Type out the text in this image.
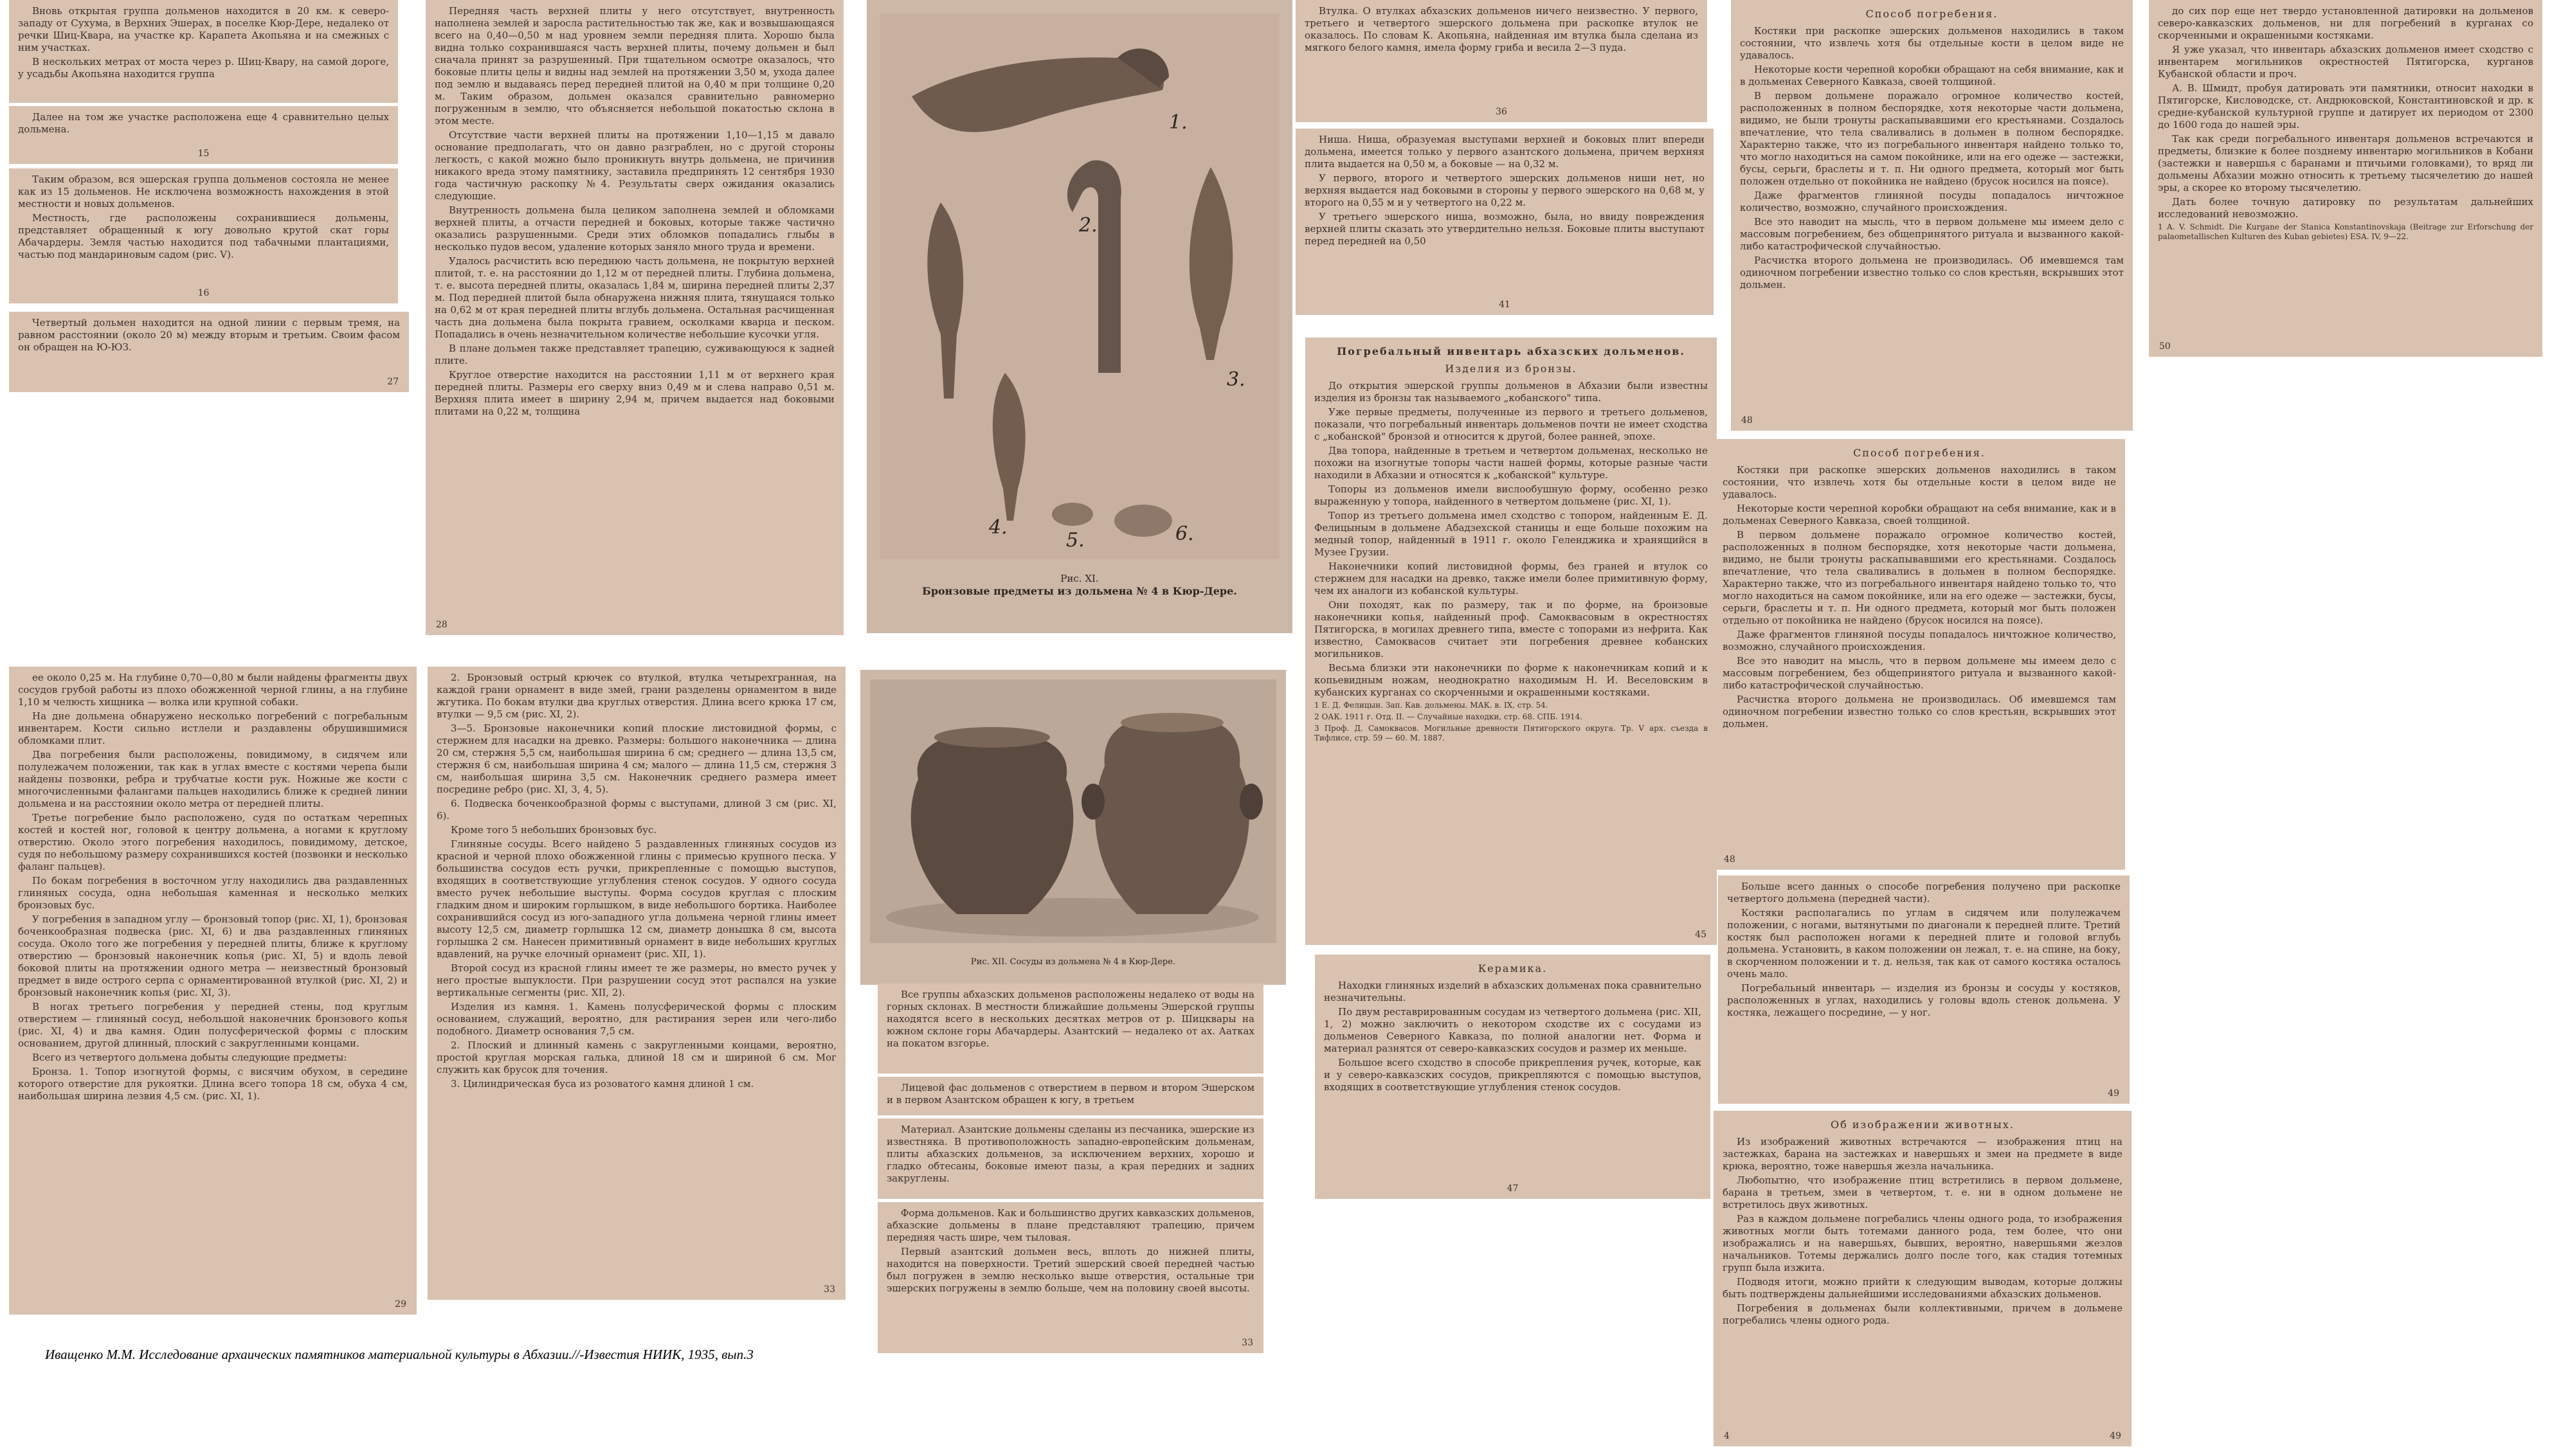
Вновь открытая группа дольменов находится в 20 км. к северо-западу от Сухума, в Верхних Эшерах, в поселке Кюр-Дере, недалеко от речки Шиц-Квара, на участке кр. Карапета Акопьяна и на смежных с ним участках.

В нескольких метрах от моста через р. Шиц-Квару, на самой дороге, у усадьбы Акопьяна находится группа

Далее на том же участке расположена еще 4 сравнительно целых дольмена.

15

Таким образом, вся эшерская группа дольменов состояла не менее как из 15 дольменов. Не исключена возможность нахождения в этой местности и новых дольменов.

Местность, где расположены сохранившиеся дольмены, представляет обращенный к югу довольно крутой скат горы Абачардеры. Земля частью находится под табачными плантациями, частью под мандариновым садом (рис. V).

16

Четвертый дольмен находится на одной линии с первым тремя, на равном расстоянии (около 20 м) между вторым и третьим. Своим фасом он обращен на Ю-ЮЗ.

27

Передняя часть верхней плиты у него отсутствует, внутренность наполнена землей и заросла растительностью так же, как и возвышающаяся всего на 0,40—0,50 м над уровнем земли передняя плита. Хорошо была видна только сохранившаяся часть верхней плиты, почему дольмен и был сначала принят за разрушенный. При тщательном осмотре оказалось, что боковые плиты целы и видны над землей на протяжении 3,50 м, ухода далее под землю и выдаваясь перед передней плитой на 0,40 м при толщине 0,20 м. Таким образом, дольмен оказался сравнительно равномерно погруженным в землю, что объясняется небольшой покатостью склона в этом месте.

Отсутствие части верхней плиты на протяжении 1,10—1,15 м давало основание предполагать, что он давно разграблен, но с другой стороны легкость, с какой можно было проникнуть внутрь дольмена, не причинив никакого вреда этому памятнику, заставила предпринять 12 сентября 1930 года частичную раскопку №4. Результаты сверх ожидания оказались следующие.

Внутренность дольмена была целиком заполнена землей и обломками верхней плиты, а отчасти передней и боковых, которые также частично оказались разрушенными. Среди этих обломков попадались глыбы в несколько пудов весом, удаление которых заняло много труда и времени.

Удалось расчистить всю переднюю часть дольмена, не покрытую верхней плитой, т. е. на расстоянии до 1,12 м от передней плиты. Глубина дольмена, т. е. высота передней плиты, оказалась 1,84 м, ширина передней плиты 2,37 м. Под передней плитой была обнаружена нижняя плита, тянущаяся только на 0,62 м от края передней плиты вглубь дольмена. Остальная расчищенная часть дна дольмена была покрыта гравием, осколками кварца и песком. Попадались в очень незначительном количестве небольшие кусочки угля.

В плане дольмен также представляет трапецию, суживающуюся к задней плите.

Круглое отверстие находится на расстоянии 1,11 м от верхнего края передней плиты. Размеры его сверху вниз 0,49 м и слева направо 0,51 м. Верхняя плита имеет в ширину 2,94 м, причем выдается над боковыми плитами на 0,22 м, толщина

28
1.
2.
3.
4.
5.	6.
Рис. XI.
Бронзовые предметы из дольмена № 4 в Кюр-Дере.

ее около 0,25 м. На глубине 0,70—0,80 м были найдены фрагменты двух сосудов грубой работы из плохо обожженной черной глины, а на глубине 1,10 м челюсть хищника — волка или крупной собаки.

На дне дольмена обнаружено несколько погребений с погребальным инвентарем. Кости сильно истлели и раздавлены обрушившимися обломками плит.

Два погребения были расположены, повидимому, в сидячем или полулежачем положении, так как в углах вместе с костями черепа были найдены позвонки, ребра и трубчатые кости рук. Ножные же кости с многочисленными фалангами пальцев находились ближе к средней линии дольмена и на расстоянии около метра от передней плиты.

Третье погребение было расположено, судя по остаткам черепных костей и костей ног, головой к центру дольмена, а ногами к круглому отверстию. Около этого погребения находилось, повидимому, детское, судя по небольшому размеру сохранившихся костей (позвонки и несколько фаланг пальцев).

По бокам погребения в восточном углу находились два раздавленных глиняных сосуда, одна небольшая каменная и несколько мелких бронзовых бус.

У погребения в западном углу — бронзовый топор (рис. XI, 1), бронзовая боченкообразная подвеска (рис. XI, 6) и два раздавленных глиняных сосуда. Около того же погребения у передней плиты, ближе к круглому отверстию — бронзовый наконечник копья (рис. XI, 5) и вдоль левой боковой плиты на протяжении одного метра — неизвестный бронзовый предмет в виде острого серпа с орнаментированной втулкой (рис. XI, 2) и бронзовый наконечник копья (рис. XI, 3).

В ногах третьего погребения у передней стены, под круглым отверстием — глиняный сосуд, небольшой наконечник бронзового копья (рис. XI, 4) и два камня. Один полусферической формы с плоским основанием, другой длинный, плоский с закругленными концами.

Всего из четвертого дольмена добыты следующие предметы:

Бронза. 1. Топор изогнутой формы, с висячим обухом, в середине которого отверстие для рукоятки. Длина всего топора 18 см, обуха 4 см, наибольшая ширина лезвия 4,5 см. (рис. XI, 1).

29

2. Бронзовый острый крючек со втулкой, втулка четырехгранная, на каждой грани орнамент в виде змей, грани разделены орнаментом в виде жгутика. По бокам втулки два круглых отверстия. Длина всего крюка 17 см, втулки — 9,5 см (рис. XI, 2).

3—5. Бронзовые наконечники копий плоские листовидной формы, с стержнем для насадки на древко. Размеры: большого наконечника — длина 20 см, стержня 5,5 см, наибольшая ширина 6 см; среднего — длина 13,5 см, стержня 6 см, наибольшая ширина 4 см; малого — длина 11,5 см, стержня 3 см, наибольшая ширина 3,5 см. Наконечник среднего размера имеет посредине ребро (рис. XI, 3, 4, 5).

6. Подвеска боченкообразной формы с выступами, длиной 3 см (рис. XI, 6).

Кроме того 5 небольших бронзовых бус.

Глиняные сосуды. Всего найдено 5 раздавленных глиняных сосудов из красной и черной плохо обожженной глины с примесью крупного песка. У большинства сосудов есть ручки, прикрепленные с помощью выступов, входящих в соответствующие углубления стенок сосудов. У одного сосуда вместо ручек небольшие выступы. Форма сосудов круглая с плоским гладким дном и широким горлышком, в виде небольшого бортика. Наиболее сохранившийся сосуд из юго-западного угла дольмена черной глины имеет высоту 12,5 см, диаметр горлышка 12 см, диаметр донышка 8 см, высота горлышка 2 см. Нанесен примитивный орнамент в виде небольших круглых вдавлений, на ручке елочный орнамент (рис. XII, 1).

Второй сосуд из красной глины имеет те же размеры, но вместо ручек у него простые выпуклости. При разрушении сосуд этот распался на узкие вертикальные сегменты (рис. XII, 2).

Изделия из камня. 1. Камень полусферической формы с плоским основанием, служащий, вероятно, для растирания зерен или чего-либо подобного. Диаметр основания 7,5 см.

2. Плоский и длинный камень с закругленными концами, вероятно, простой круглая морская галька, длиной 18 см и шириной 6 см. Мог служить как брусок для точения.

3. Цилиндрическая буса из розоватого камня длиной 1 см.

33
Рис. XII. Сосуды из дольмена № 4 в Кюр-Дере.

Все группы абхазских дольменов расположены недалеко от воды на горных склонах. В местности ближайшие дольмены Эшерской группы находятся всего в нескольких десятках метров от р. Шицквары на южном склоне горы Абачардеры. Азантский — недалеко от ах. Аатках на покатом взгорье.

Лицевой фас дольменов с отверстием в первом и втором Эшерском и в первом Азантском обращен к югу, в третьем

Материал. Азантские дольмены сделаны из песчаника, эшерские из известняка. В противоположность западно-европейским дольменам, плиты абхазских дольменов, за исключением верхних, хорошо и гладко обтесаны, боковые имеют пазы, а края передних и задних закруглены.

Форма дольменов. Как и большинство других кавказских дольменов, абхазские дольмены в плане представляют трапецию, причем передняя часть шире, чем тыловая.

Первый азантский дольмен весь, вплоть до нижней плиты, находится на поверхности. Третий эшерский своей передней частью был погружен в землю несколько выше отверстия, остальные три эшерских погружены в землю больше, чем на половину своей высоты.

33

Втулка. О втулках абхазских дольменов ничего неизвестно. У первого, третьего и четвертого эшерского дольмена при раскопке втулок не оказалось. По словам К. Акопьяна, найденная им втулка была сделана из мягкого белого камня, имела форму гриба и весила 2—3 пуда.

36

Ниша. Ниша, образуемая выступами верхней и боковых плит впереди дольмена, имеется только у первого азантского дольмена, причем верхняя плита выдается на 0,50 м, а боковые — на 0,32 м.

У первого, второго и четвертого эшерских дольменов ниши нет, но верхняя выдается над боковыми в стороны у первого эшерского на 0,68 м, у второго на 0,55 м и у четвертого на 0,22 м.

У третьего эшерского ниша, возможно, была, но ввиду повреждения верхней плиты сказать это утвердительно нельзя. Боковые плиты выступают перед передней на 0,50

41
Погребальный инвентарь абхазских дольменов.
Изделия из бронзы.

До открытия эшерской группы дольменов в Абхазии были известны изделия из бронзы так называемого „кобанского" типа.

Уже первые предметы, полученные из первого и третьего дольменов, показали, что погребальный инвентарь дольменов почти не имеет сходства с „кобанской" бронзой и относится к другой, более ранней, эпохе.

Два топора, найденные в третьем и четвертом дольменах, несколько не похожи на изогнутые топоры части нашей формы, которые разные части находили в Абхазии и относятся к „кобанской" культуре.

Топоры из дольменов имели вислообушную форму, особенно резко выраженную у топора, найденного в четвертом дольмене (рис. XI, 1).

Топор из третьего дольмена имел сходство с топором, найденным Е. Д. Фелицыным в дольмене Абадзехской станицы и еще больше похожим на медный топор, найденный в 1911 г. около Геленджика и хранящийся в Музее Грузии.

Наконечники копий листовидной формы, без граней и втулок со стержнем для насадки на древко, также имели более примитивную форму, чем их аналоги из кобанской культуры.

Они походят, как по размеру, так и по форме, на бронзовые наконечники копья, найденный проф. Самоквасовым в окрестностях Пятигорска, в могилах древнего типа, вместе с топорами из нефрита. Как известно, Самоквасов считает эти погребения древнее кобанских могильников.

Весьма близки эти наконечники по форме к наконечникам копий и к копьевидным ножам, неоднократно находимым Н. И. Веселовским в кубанских курганах со скорченными и окрашенными костяками.

1 Е. Д. Фелицын. Зап. Кав. дольмены. МАК. в. IX, стр. 54.

2 ОАК. 1911 г. Отд. II. — Случайные находки, стр. 68. СПБ. 1914.

3 Проф. Д. Самоквасов. Могильные древности Пятигорского округа. Тр. V арх. съезда в Тифлисе, стр. 59 — 60. М. 1887.

45
Керамика.

Находки глиняных изделий в абхазских дольменах пока сравнительно незначительны.

По двум реставрированным сосудам из четвертого дольмена (рис. XII, 1, 2) можно заключить о некотором сходстве их с сосудами из дольменов Северного Кавказа, по полной аналогии нет. Форма и материал разнятся от северо-кавказских сосудов и размер их меньше.

Большое всего сходство в способе прикрепления ручек, которые, как и у северо-кавказских сосудов, прикрепляются с помощью выступов, входящих в соответствующие углубления стенок сосудов.

47
Способ погребения.

Костяки при раскопке эшерских дольменов находились в таком состоянии, что извлечь хотя бы отдельные кости в целом виде не удавалось.

Некоторые кости черепной коробки обращают на себя внимание, как и в дольменах Северного Кавказа, своей толщиной.

В первом дольмене поражало огромное количество костей, расположенных в полном беспорядке, хотя некоторые части дольмена, видимо, не были тронуты раскапывавшими его крестьянами. Создалось впечатление, что тела сваливались в дольмен в полном беспорядке. Характерно также, что из погребального инвентаря найдено только то, что могло находиться на самом покойнике, или на его одеже — застежки, бусы, серьги, браслеты и т. п. Ни одного предмета, который мог быть положен отдельно от покойника не найдено (брусок носился на поясе).

Даже фрагментов глиняной посуды попадалось ничтожное количество, возможно, случайного происхождения.

Все это наводит на мысль, что в первом дольмене мы имеем дело с массовым погребением, без общепринятого ритуала и вызванного какой-либо катастрофической случайностью.

Расчистка второго дольмена не производилась. Об имевшемся там одиночном погребении известно только со слов крестьян, вскрывших этот дольмен.

48
Способ погребения.

Костяки при раскопке эшерских дольменов находились в таком состоянии, что извлечь хотя бы отдельные кости в целом виде не удавалось.

Некоторые кости черепной коробки обращают на себя внимание, как и в дольменах Северного Кавказа, своей толщиной.

В первом дольмене поражало огромное количество костей, расположенных в полном беспорядке, хотя некоторые части дольмена, видимо, не были тронуты раскапывавшими его крестьянами. Создалось впечатление, что тела сваливались в дольмен в полном беспорядке. Характерно также, что из погребального инвентаря найдено только то, что могло находиться на самом покойнике, или на его одеже — застежки, бусы, серьги, браслеты и т. п. Ни одного предмета, который мог быть положен отдельно от покойника не найдено (брусок носился на поясе).

Даже фрагментов глиняной посуды попадалось ничтожное количество, возможно, случайного происхождения.

Все это наводит на мысль, что в первом дольмене мы имеем дело с массовым погребением, без общепринятого ритуала и вызванного какой-либо катастрофической случайностью.

Расчистка второго дольмена не производилась. Об имевшемся там одиночном погребении известно только со слов крестьян, вскрывших этот дольмен.

48

Больше всего данных о способе погребения получено при раскопке четвертого дольмена (передней части).

Костяки располагались по углам в сидячем или полулежачем положении, с ногами, вытянутыми по диагонали к передней плите. Третий костяк был расположен ногами к передней плите и головой вглубь дольмена. Установить, в каком положении он лежал, т. е. на спине, на боку, в скорченном положении и т. д. нельзя, так как от самого костяка осталось очень мало.

Погребальный инвентарь — изделия из бронзы и сосуды у костяков, расположенных в углах, находились у головы вдоль стенок дольмена. У костяка, лежащего посредине, — у ног.

49
Об изображении животных.

Из изображений животных встречаются — изображения птиц на застежках, барана на застежках и навершьях и змеи на предмете в виде крюка, вероятно, тоже навершья жезла начальника.

Любопытно, что изображение птиц встретились в первом дольмене, барана в третьем, змеи в четвертом, т. е. ни в одном дольмене не встретилось двух животных.

Раз в каждом дольмене погребались члены одного рода, то изображения животных могли быть тотемами данного рода, тем более, что они изображались и на навершьях, бывших, вероятно, навершьями жезлов начальников. Тотемы держались долго после того, как стадия тотемных групп была изжита.

Подводя итоги, можно прийти к следующим выводам, которые должны быть подтверждены дальнейшими исследованиями абхазских дольменов.

Погребения в дольменах были коллективными, причем в дольмене погребались члены одного рода.

4	49

до сих пор еще нет твердо установленной датировки на дольменов северо-кавказских дольменов, ни для погребений в курганах со скорченными и окрашенными костяками.

Я уже указал, что инвентарь абхазских дольменов имеет сходство с инвентарем могильников окрестностей Пятигорска, курганов Кубанской области и проч.

А. В. Шмидт, пробуя датировать эти памятники, относит находки в Пятигорске, Кисловодске, ст. Андрюковской, Константиновской и др. к средне-кубанской культурной группе и датирует их периодом от 2300 до 1600 года до нашей эры.

Так как среди погребального инвентаря дольменов встречаются и предметы, близкие к более позднему инвентарю могильников в Кобани (застежки и навершья с баранами и птичьими головками), то вряд ли дольмены Абхазии можно относить к третьему тысячелетию до нашей эры, а скорее ко второму тысячелетию.

Дать более точную датировку по результатам дальнейших исследований невозможно.

1 A. V. Schmidt. Die Kurgane der Stanica Konstantinovskaja (Beitrage zur Erforschung der palaometallischen Kulturen des Kuban gebietes) ESA. IV, 9—22.

50
Иващенко М.М. Исследование архаических памятников материальной культуры в Абхазии.//-Известия НИИК, 1935, вып.3
